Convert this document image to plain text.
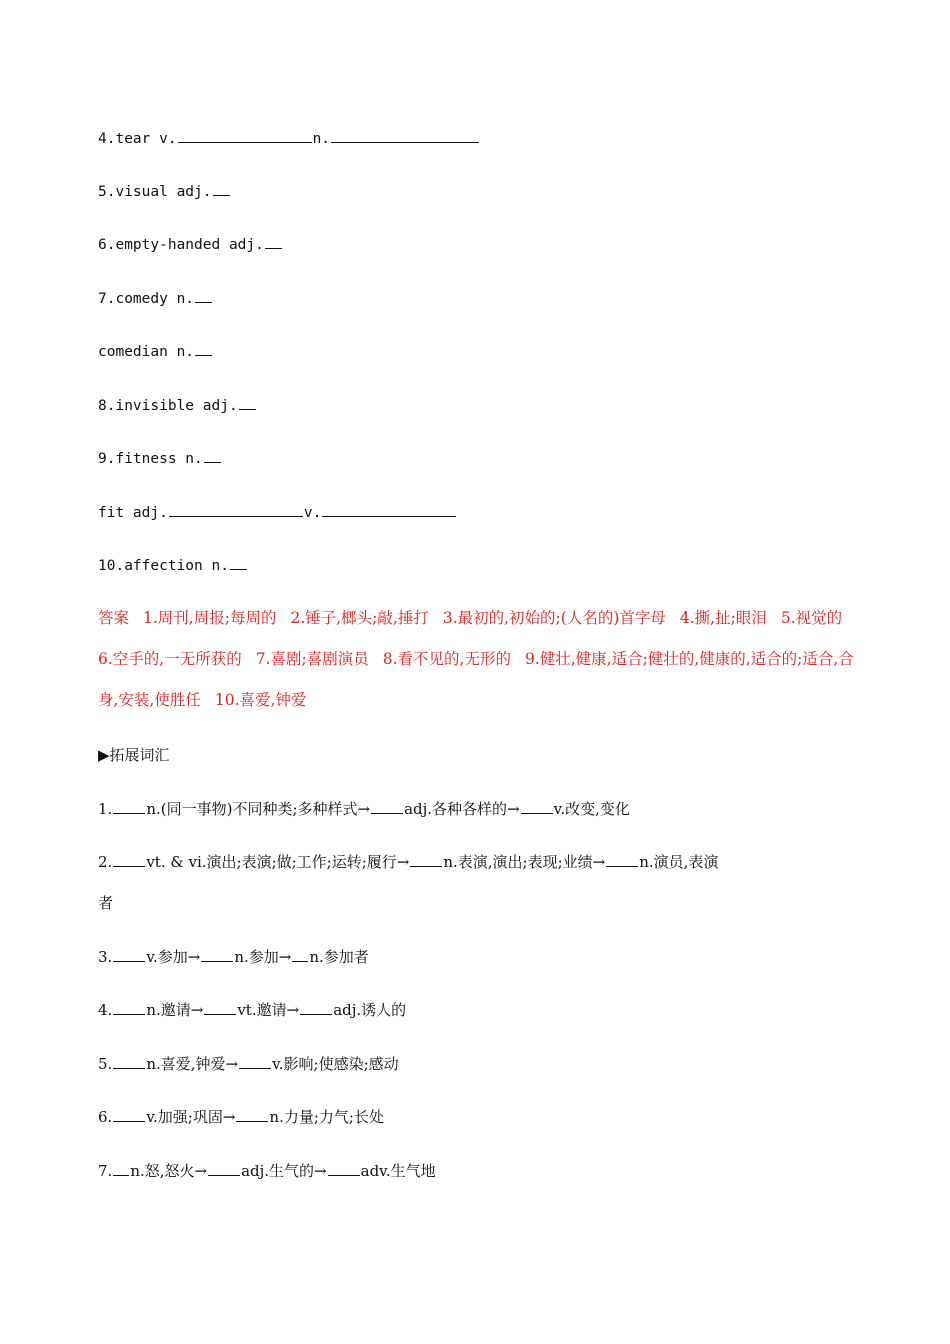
4.tear v.	n.
5.visual adj.
6.empty-handed adj.
7.comedy n.
comedian n.
8.invisible adj.
9.fitness n.
fit adj.	v.
10.affection n.
答案 1.周刊,周报;每周的 2.锤子,榔头;敲,捶打 3.最初的,初始的;(人名的)首字母 4.撕,扯;眼泪 5.视觉的6.空手的,一无所获的 7.喜剧;喜剧演员 8.看不见的,无形的 9.健壮,健康,适合;健壮的,健康的,适合的;适合,合身,安装,使胜任 10.喜爱,钟爱
▶拓展词汇
1. n.(同一事物)不同种类;多种样式→ adj.各种各样的→ v.改变,变化
2. vt. & vi.演出;表演;做;工作;运转;履行→ n.表演,演出;表现;业绩→ n.演员,表演
者
3. v.参加→ n.参加→ n.参加者
4. n.邀请→ vt.邀请→ adj.诱人的
5. n.喜爱,钟爱→ v.影响;使感染;感动
6. v.加强;巩固→ n.力量;力气;长处
7. n.怒,怒火→ adj.生气的→ adv.生气地
